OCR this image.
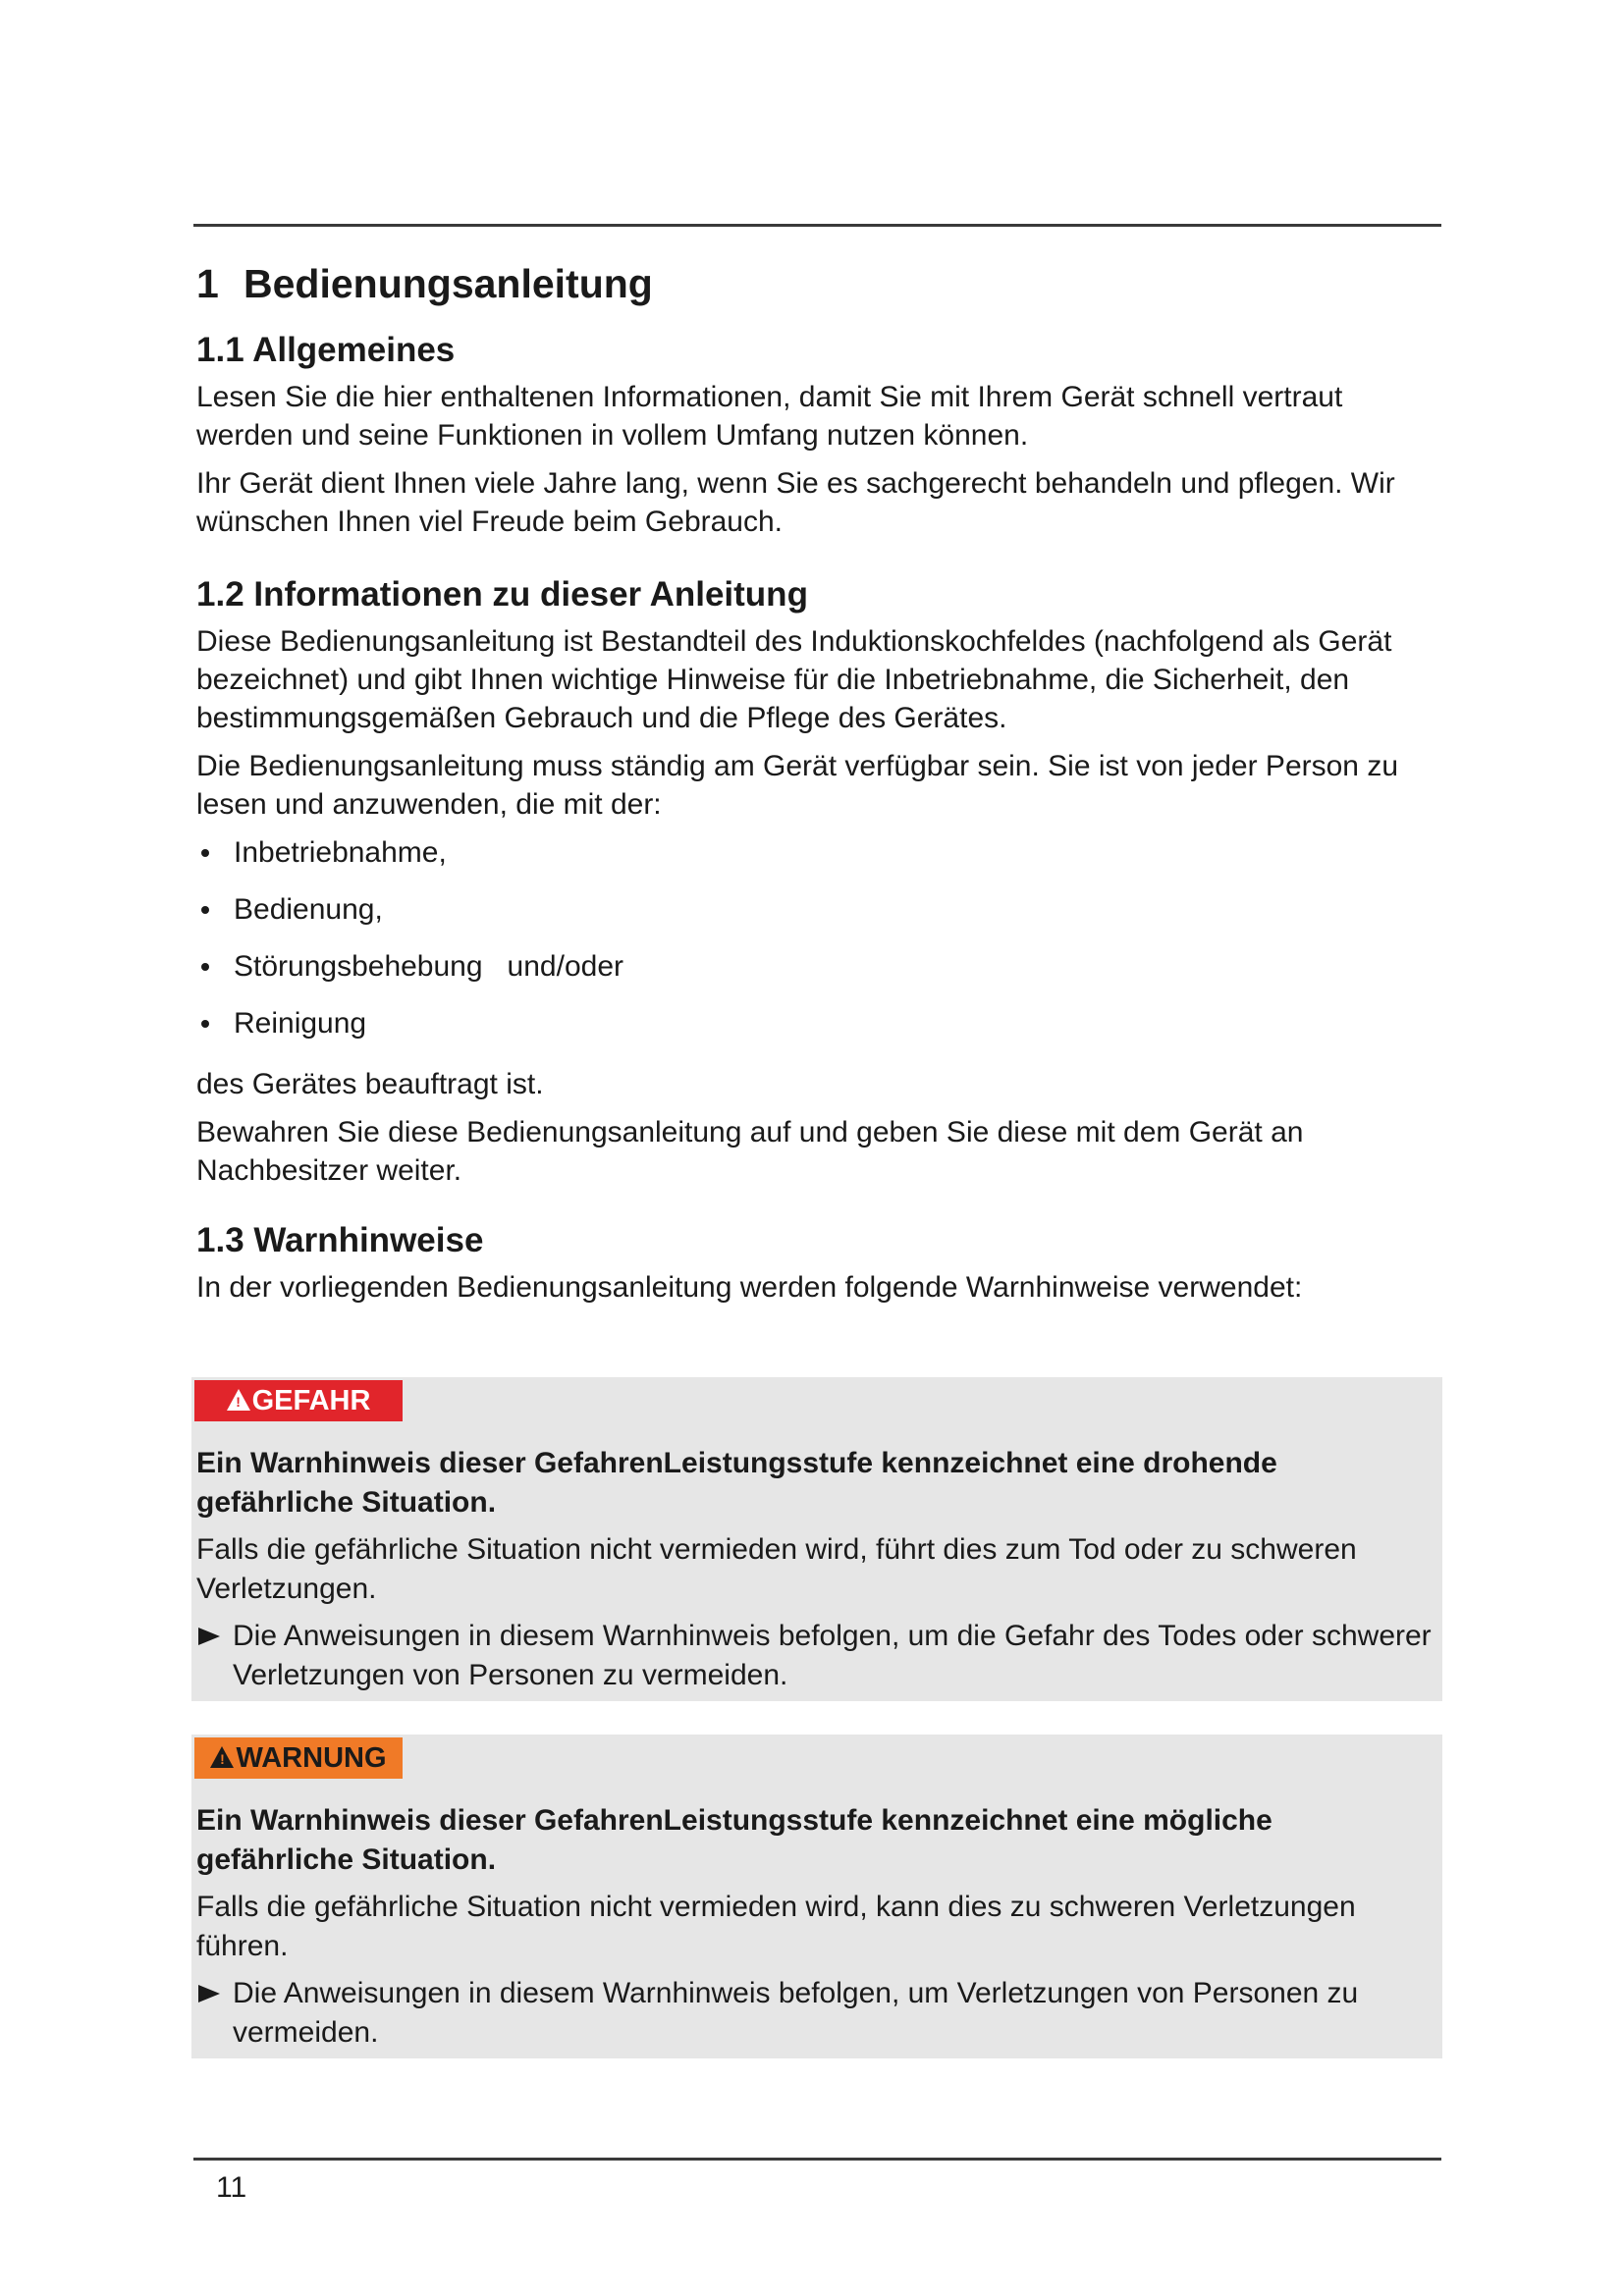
1 Bedienungsanleitung
1.1 Allgemeines

Lesen Sie die hier enthaltenen Informationen, damit Sie mit Ihrem Gerät schnell vertraut werden und seine Funktionen in vollem Umfang nutzen können.

Ihr Gerät dient Ihnen viele Jahre lang, wenn Sie es sachgerecht behandeln und pflegen. Wir wünschen Ihnen viel Freude beim Gebrauch.

1.2 Informationen zu dieser Anleitung

Diese Bedienungsanleitung ist Bestandteil des Induktionskochfeldes (nachfolgend als Gerät bezeichnet) und gibt Ihnen wichtige Hinweise für die Inbetriebnahme, die Sicherheit, den bestimmungsgemäßen Gebrauch und die Pflege des Gerätes.

Die Bedienungsanleitung muss ständig am Gerät verfügbar sein. Sie ist von jeder Person zu lesen und anzuwenden, die mit der:

Inbetriebnahme,
Bedienung,
Störungsbehebung   und/oder
Reinigung

des Gerätes beauftragt ist.

Bewahren Sie diese Bedienungsanleitung auf und geben Sie diese mit dem Gerät an Nachbesitzer weiter.

1.3 Warnhinweise

In der vorliegenden Bedienungsanleitung werden folgende Warnhinweise verwendet:

! GEFAHR
Ein Warnhinweis dieser GefahrenLeistungsstufe kennzeichnet eine drohende gefährliche Situation.

Falls die gefährliche Situation nicht vermieden wird, führt dies zum Tod oder zu schweren Verletzungen.

Die Anweisungen in diesem Warnhinweis befolgen, um die Gefahr des Todes oder schwerer Verletzungen von Personen zu vermeiden.
! WARNUNG
Ein Warnhinweis dieser GefahrenLeistungsstufe kennzeichnet eine mögliche gefährliche Situation.

Falls die gefährliche Situation nicht vermieden wird, kann dies zu schweren Verletzungen führen.

Die Anweisungen in diesem Warnhinweis befolgen, um Verletzungen von Personen zu vermeiden.
11
